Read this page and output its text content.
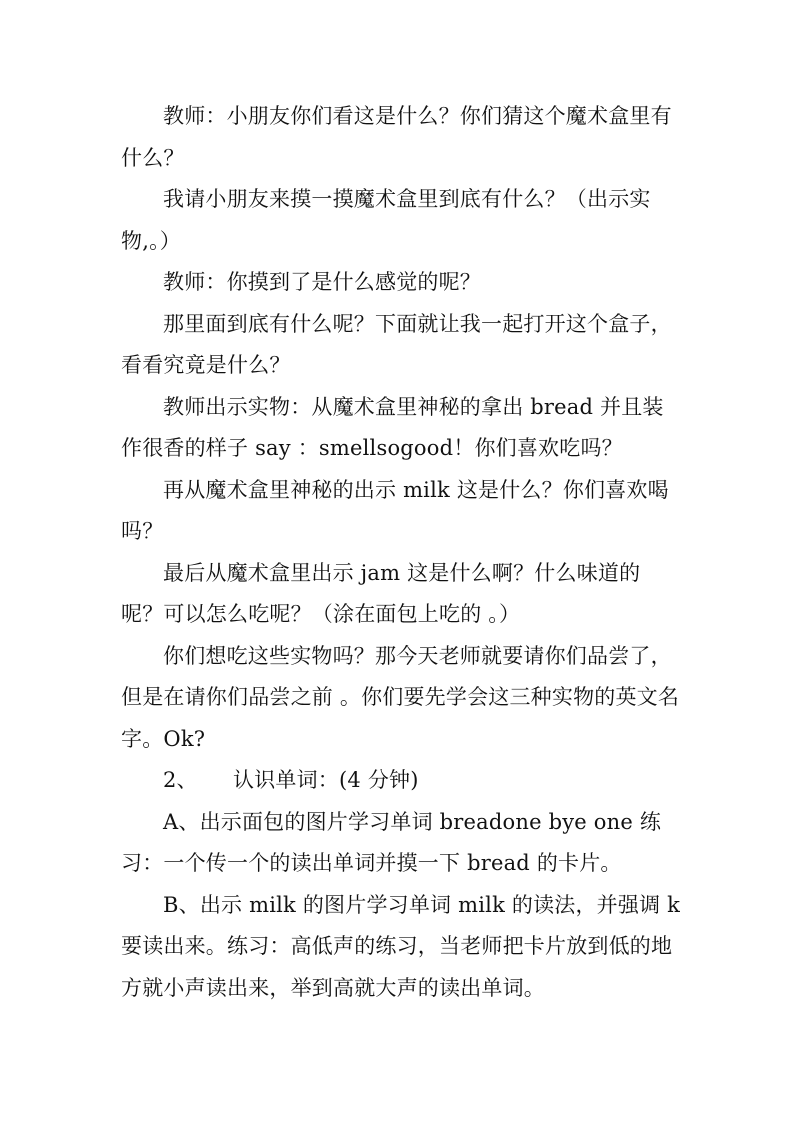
教师：小朋友你们看这是什么？你们猜这个魔术盒里有什么？

我请小朋友来摸一摸魔术盒里到底有什么？（出示实物,。）

教师：你摸到了是什么感觉的呢？

那里面到底有什么呢？下面就让我一起打开这个盒子，看看究竟是什么？

教师出示实物：从魔术盒里神秘的拿出 bread 并且装作很香的样子 say ：smellsogood！你们喜欢吃吗？

再从魔术盒里神秘的出示 milk 这是什么？你们喜欢喝吗？

最后从魔术盒里出示 jam 这是什么啊？什么味道的呢？可以怎么吃呢？（涂在面包上吃的 。）

你们想吃这些实物吗？那今天老师就要请你们品尝了，但是在请你们品尝之前 。你们要先学会这三种实物的英文名字。Ok?

2、 认识单词：(4 分钟)

A、出示面包的图片学习单词 breadone bye one 练习：一个传一个的读出单词并摸一下 bread 的卡片。

B、出示 milk 的图片学习单词 milk 的读法，并强调 k 要读出来。练习：高低声的练习，当老师把卡片放到低的地方就小声读出来，举到高就大声的读出单词。
